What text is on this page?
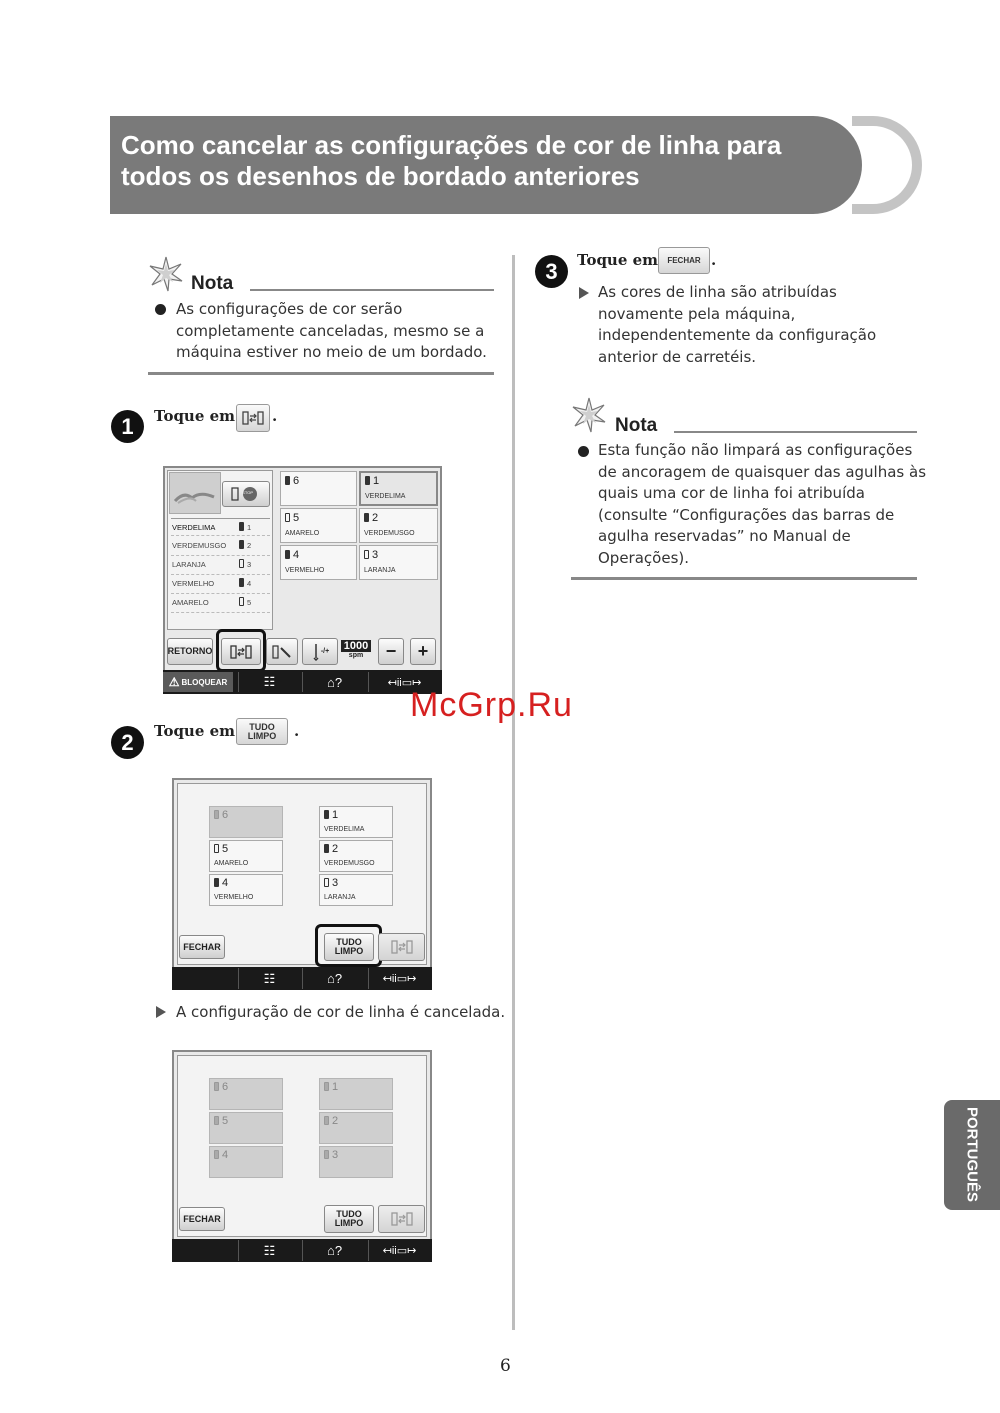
Como cancelar as configurações de cor de linha para
todos os desenhos de bordado anteriores
Nota
As configurações de cor serão
completamente canceladas, mesmo se a
máquina estiver no meio de um bordado.
1	Toque em .
STOP
VERDELIMA	1
VERDEMUSGO	2
LARANJA	3
VERMELHO	4
AMARELO	5
6	1
VERDELIMA
5
AMARELO
2
VERDEMUSGO
4
VERMELHO
3
LARANJA
RETORNO	-/+ 1000
spm	−	+
⚠ BLOQUEAR	☷	⌂ ?	↤ii▭↦
2	Toque em TUDO
LIMPO .
6	1
VERDELIMA
5
AMARELO
2
VERDEMUSGO
4
VERMELHO
3
LARANJA
FECHAR	TUDO
LIMPO
☷	⌂ ?	↤ii▭↦
A configuração de cor de linha é cancelada.
6	1
5	2
4	3
FECHAR	TUDO
LIMPO
☷	⌂ ?	↤ii▭↦
3	Toque em	FECHAR .
As cores de linha são atribuídas
novamente pela máquina,
independentemente da configuração
anterior de carretéis.
Nota
Esta função não limpará as configurações
de ancoragem de quaisquer das agulhas às
quais uma cor de linha foi atribuída
(consulte “Configurações das barras de
agulha reservadas” no Manual de
Operações).
McGrp.Ru
PORTUGUÊS
6
